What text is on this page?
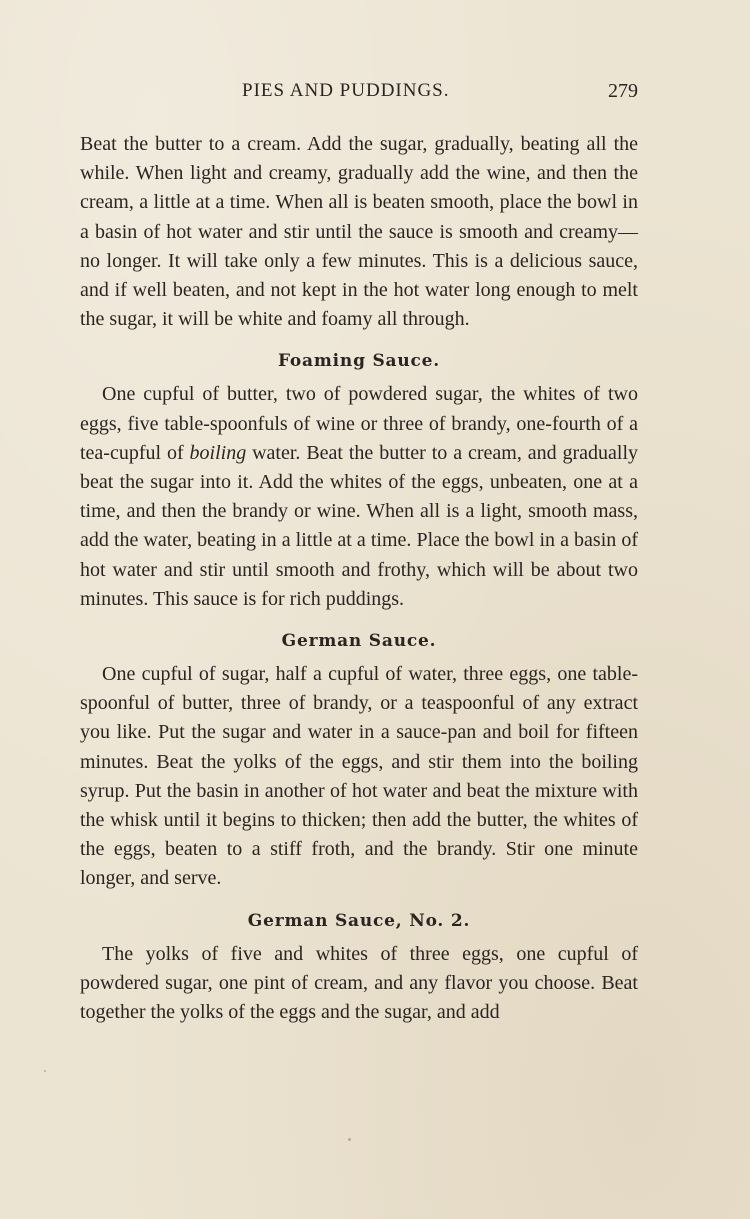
PIES AND PUDDINGS.	279

Beat the butter to a cream. Add the sugar, gradually, beating all the while. When light and creamy, gradually add the wine, and then the cream, a little at a time. When all is beaten smooth, place the bowl in a basin of hot water and stir until the sauce is smooth and creamy—no longer. It will take only a few minutes. This is a delicious sauce, and if well beaten, and not kept in the hot water long enough to melt the sugar, it will be white and foamy all through.

Foaming Sauce.

One cupful of butter, two of powdered sugar, the whites of two eggs, five table-spoonfuls of wine or three of brandy, one-fourth of a tea-cupful of boiling water. Beat the butter to a cream, and gradually beat the sugar into it. Add the whites of the eggs, unbeaten, one at a time, and then the brandy or wine. When all is a light, smooth mass, add the water, beating in a little at a time. Place the bowl in a basin of hot water and stir until smooth and frothy, which will be about two minutes. This sauce is for rich puddings.

German Sauce.

One cupful of sugar, half a cupful of water, three eggs, one table-spoonful of butter, three of brandy, or a teaspoonful of any extract you like. Put the sugar and water in a sauce-pan and boil for fifteen minutes. Beat the yolks of the eggs, and stir them into the boiling syrup. Put the basin in another of hot water and beat the mixture with the whisk until it begins to thicken; then add the butter, the whites of the eggs, beaten to a stiff froth, and the brandy. Stir one minute longer, and serve.

German Sauce, No. 2.

The yolks of five and whites of three eggs, one cupful of powdered sugar, one pint of cream, and any flavor you choose. Beat together the yolks of the eggs and the sugar, and add
